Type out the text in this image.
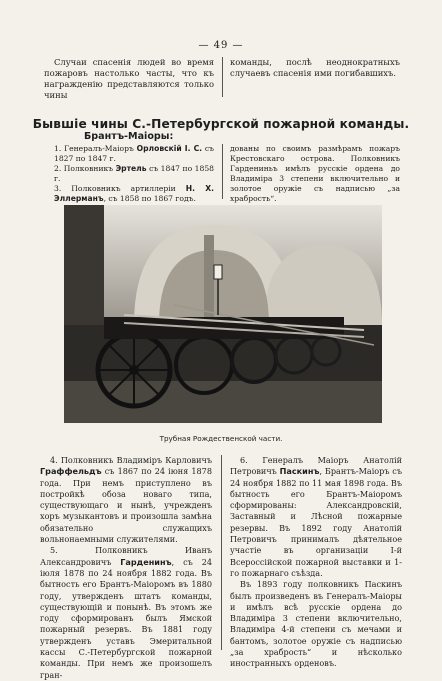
— 49 —

Случаи спасенія людей во время пожаровъ настолько часты, что къ награжденію представляются только чины

команды, послѣ неоднократныхъ случаевъ спасенія ими погибавшихъ.

Бывшіе чины С.-Петербургской пожарной команды.
Брантъ-Маіоры:

1. Генералъ-Маіоръ Орловскій І. С. съ 1827 по 1847 г.

2. Полковникъ Эртель съ 1847 по 1858 г.

3. Полковникъ артиллеріи Н. Х. Эллерманъ, съ 1858 по 1867 годъ.

дованы по своимъ размѣрамъ пожаръ Крестовскаго острова. Полковникъ Гардениньъ имѣлъ русскіе ордена до Владиміра 3 степени включительно и золотое оружіе съ надписью „за храбрость“.

Трубная Рождественской части.

4. Полковникъ Владиміръ Карловичъ Граффельдъ съ 1867 по 24 іюня 1878 года. При немъ приступлено въ постройкѣ обоза новаго типа, существующаго и нынѣ, учрежденъ хоръ музыкантовъ и произошла замѣна обязательно служащихъ вольнонаемными служителями.

5. Полковникъ Иванъ Александровичъ Гарденинъ, съ 24 іюля 1878 по 24 ноября 1882 года. Въ бытность его Брантъ-Маіоромъ въ 1880 году, утвержденъ штатъ команды, существующій и понынѣ. Въ этомъ же году сформированъ былъ Ямской пожарный резервъ. Въ 1881 году утвержденъ уставъ Эмеритальной кассы С.-Петербургской пожарной команды. При немъ же произошелъ гран-

6. Генералъ Маіоръ Анатолій Петровичъ Паскинъ, Брантъ-Маіоръ съ 24 ноября 1882 по 11 мая 1898 года. Въ бытность его Брантъ-Маіоромъ сформированы: Александровскій, Заставный и Лѣсной пожарные резервы. Въ 1892 году Анатолій Петровичъ принималъ дѣятельное участіе въ организаціи І-й Всероссійской пожарной выставки и 1-го пожарнаго съѣзда.

Въ 1893 году полковникъ Паскинъ былъ произведенъ въ Генералъ-Маіоры и имѣлъ всѣ русскіе ордена до Владиміра 3 степени включительно, Владиміра 4-й степени съ мечами и бантомъ, золотое оружіе съ надписью „за храбрость“ и нѣсколько иностранныхъ орденовъ.
